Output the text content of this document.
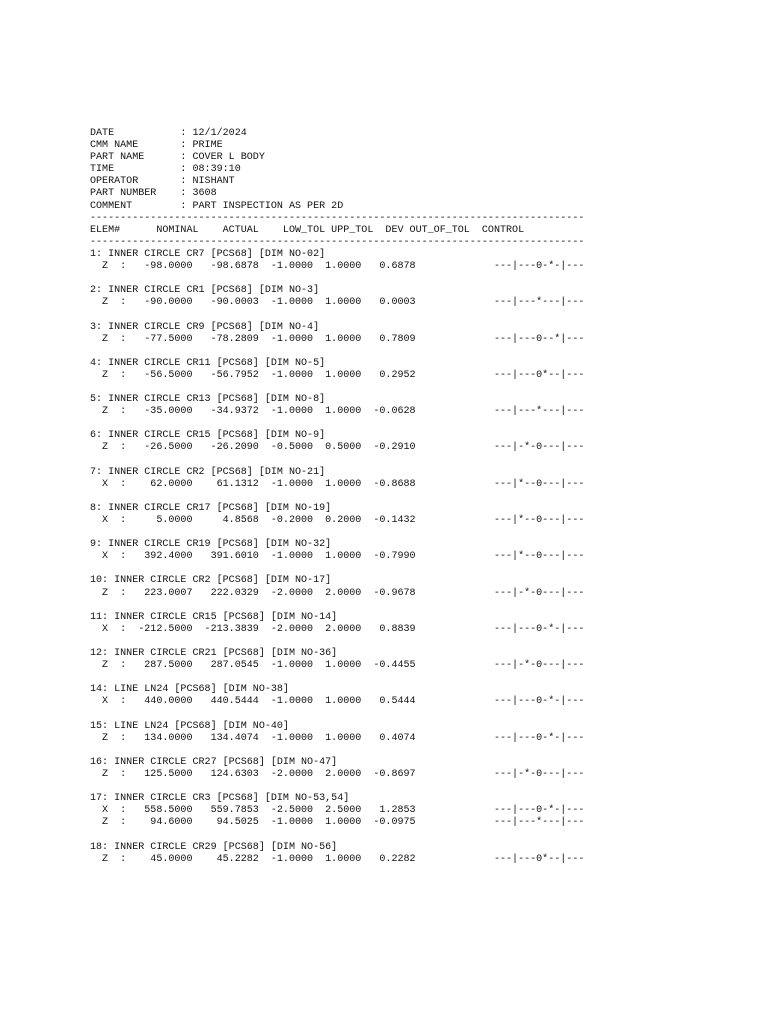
DATE           : 12/1/2024
CMM NAME       : PRIME
PART NAME      : COVER L BODY
TIME           : 08:39:10
OPERATOR       : NISHANT
PART NUMBER    : 3608
COMMENT        : PART INSPECTION AS PER 2D
----------------------------------------------------------------------------------
ELEM#      NOMINAL    ACTUAL    LOW_TOL UPP_TOL  DEV OUT_OF_TOL  CONTROL
----------------------------------------------------------------------------------
1: INNER CIRCLE CR7 [PCS68] [DIM NO-02]
Z  :   -98.0000   -98.6878  -1.0000  1.0000   0.6878             ---|---0-*-|---
2: INNER CIRCLE CR1 [PCS68] [DIM NO-3]
Z  :   -90.0000   -90.0003  -1.0000  1.0000   0.0003             ---|---*---|---
3: INNER CIRCLE CR9 [PCS68] [DIM NO-4]
Z  :   -77.5000   -78.2809  -1.0000  1.0000   0.7809             ---|---0--*|---
4: INNER CIRCLE CR11 [PCS68] [DIM NO-5]
Z  :   -56.5000   -56.7952  -1.0000  1.0000   0.2952             ---|---0*--|---
5: INNER CIRCLE CR13 [PCS68] [DIM NO-8]
Z  :   -35.0000   -34.9372  -1.0000  1.0000  -0.0628             ---|---*---|---
6: INNER CIRCLE CR15 [PCS68] [DIM NO-9]
Z  :   -26.5000   -26.2090  -0.5000  0.5000  -0.2910             ---|-*-0---|---
7: INNER CIRCLE CR2 [PCS68] [DIM NO-21]
X  :    62.0000    61.1312  -1.0000  1.0000  -0.8688             ---|*--0---|---
8: INNER CIRCLE CR17 [PCS68] [DIM NO-19]
X  :     5.0000     4.8568  -0.2000  0.2000  -0.1432             ---|*--0---|---
9: INNER CIRCLE CR19 [PCS68] [DIM NO-32]
X  :   392.4000   391.6010  -1.0000  1.0000  -0.7990             ---|*--0---|---
10: INNER CIRCLE CR2 [PCS68] [DIM NO-17]
Z  :   223.0007   222.0329  -2.0000  2.0000  -0.9678             ---|-*-0---|---
11: INNER CIRCLE CR15 [PCS68] [DIM NO-14]
X  :  -212.5000  -213.3839  -2.0000  2.0000   0.8839             ---|---0-*-|---
12: INNER CIRCLE CR21 [PCS68] [DIM NO-36]
Z  :   287.5000   287.0545  -1.0000  1.0000  -0.4455             ---|-*-0---|---
14: LINE LN24 [PCS68] [DIM NO-38]
X  :   440.0000   440.5444  -1.0000  1.0000   0.5444             ---|---0-*-|---
15: LINE LN24 [PCS68] [DIM NO-40]
Z  :   134.0000   134.4074  -1.0000  1.0000   0.4074             ---|---0-*-|---
16: INNER CIRCLE CR27 [PCS68] [DIM NO-47]
Z  :   125.5000   124.6303  -2.0000  2.0000  -0.8697             ---|-*-0---|---
17: INNER CIRCLE CR3 [PCS68] [DIM NO-53,54]
X  :   558.5000   559.7853  -2.5000  2.5000   1.2853             ---|---0-*-|---
Z  :    94.6000    94.5025  -1.0000  1.0000  -0.0975             ---|---*---|---
18: INNER CIRCLE CR29 [PCS68] [DIM NO-56]
Z  :    45.0000    45.2282  -1.0000  1.0000   0.2282             ---|---0*--|---
